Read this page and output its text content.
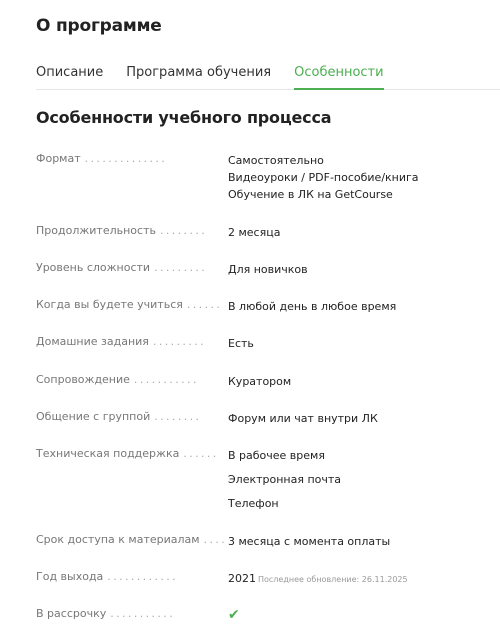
О программе
Описание Программа обучения Особенности
Особенности учебного процесса
Формат ..............	Самостоятельно
Видеоуроки / PDF-пособие/книга
Обучение в ЛК на GetCourse
Продолжительность ........	2 месяца
Уровень сложности .........	Для новичков
Когда вы будете учиться ...... В любой день в любое время
Домашние задания .........	Есть
Сопровождение ...........	Куратором
Общение с группой ........	Форум или чат внутри ЛК
Техническая поддержка ...... В рабочее время
Электронная почта
Телефон
Срок доступа к материалам .... 3 месяца с момента оплаты
Год выхода ............	2021 Последнее обновление: 26.11.2025
В рассрочку ...........	✔
